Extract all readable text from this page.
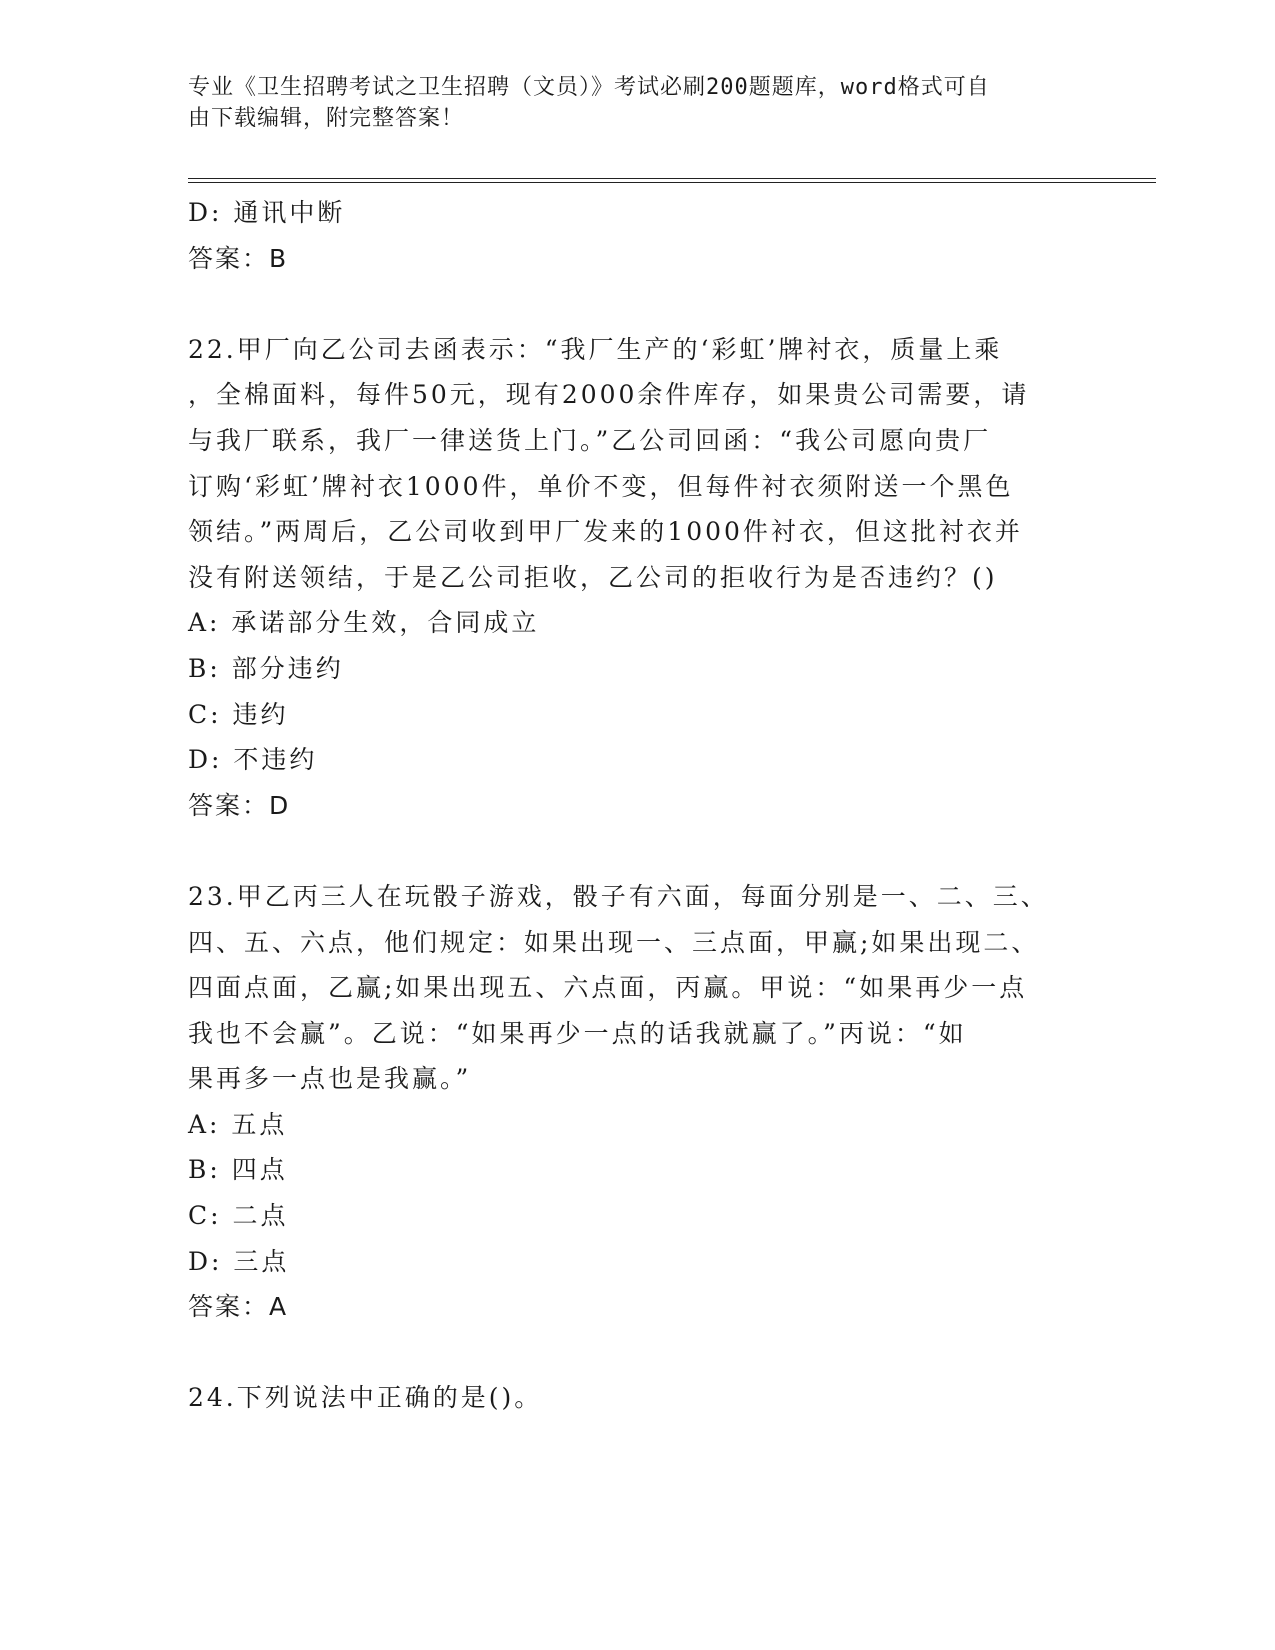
专业《卫生招聘考试之卫生招聘（文员）》考试必刷200题题库，word格式可自
由下载编辑，附完整答案！
D: 通讯中断
答案：B
22.甲厂向乙公司去函表示：“我厂生产的‘彩虹’牌衬衣，质量上乘
，全棉面料，每件50元，现有2000余件库存，如果贵公司需要，请
与我厂联系，我厂一律送货上门。”乙公司回函：“我公司愿向贵厂
订购‘彩虹’牌衬衣1000件，单价不变，但每件衬衣须附送一个黑色
领结。”两周后，乙公司收到甲厂发来的1000件衬衣，但这批衬衣并
没有附送领结，于是乙公司拒收，乙公司的拒收行为是否违约？()
A: 承诺部分生效，合同成立
B: 部分违约
C: 违约
D: 不违约
答案：D
23.甲乙丙三人在玩骰子游戏，骰子有六面，每面分别是一、二、三、
四、五、六点，他们规定：如果出现一、三点面，甲赢;如果出现二、
四面点面，乙赢;如果出现五、六点面，丙赢。甲说：“如果再少一点
我也不会赢”。乙说：“如果再少一点的话我就赢了。”丙说：“如
果再多一点也是我赢。”
A: 五点
B: 四点
C: 二点
D: 三点
答案：A
24.下列说法中正确的是()。
